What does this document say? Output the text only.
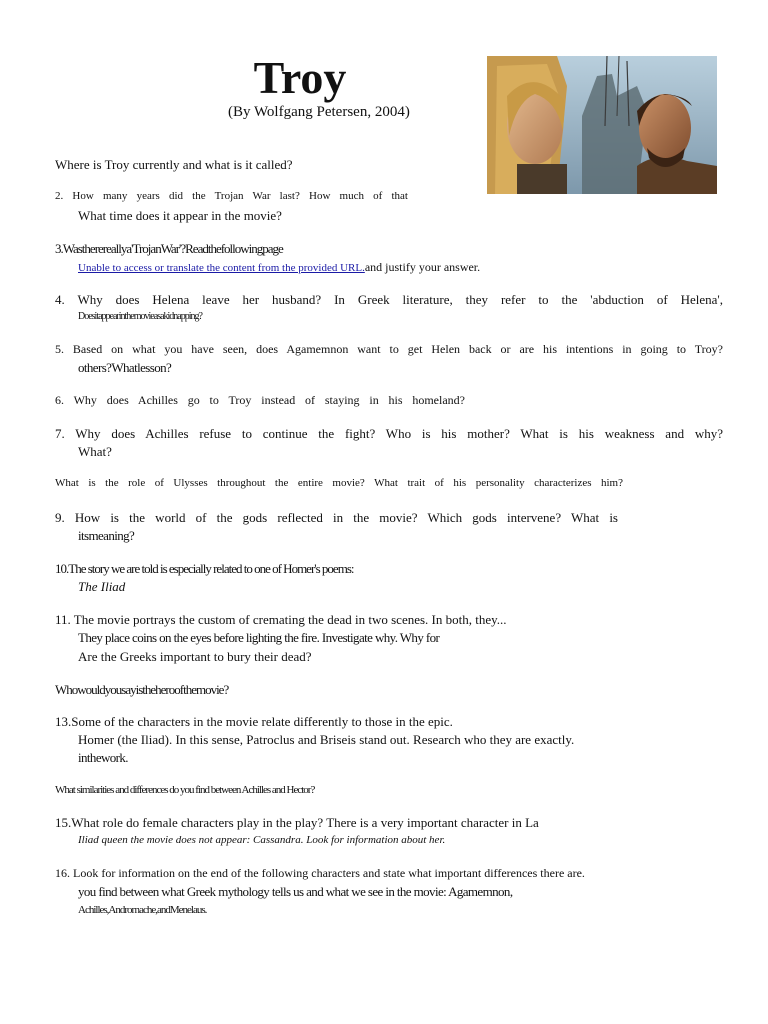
Troy
(By Wolfgang Petersen, 2004)
Where is Troy currently and what is it called?
2. How many years did the Trojan War last? How much of that
What time does it appear in the movie?
3.Wastherereallya'TrojanWar'?Readthefollowingpage
Unable to access or translate the content from the provided URL.and justify your answer.
4. Why does Helena leave her husband? In Greek literature, they refer to the 'abduction of Helena',
Doesitappearinthemovieasakidnapping?
5. Based on what you have seen, does Agamemnon want to get Helen back or are his intentions in going to Troy?
others?Whatlesson?
6. Why does Achilles go to Troy instead of staying in his homeland?
7. Why does Achilles refuse to continue the fight? Who is his mother? What is his weakness and why?
What?
What is the role of Ulysses throughout the entire movie? What trait of his personality characterizes him?
9. How is the world of the gods reflected in the movie? Which gods intervene? What is
itsmeaning?
10.The story we are told is especially related to one of Homer's poems:
The Iliad
11. The movie portrays the custom of cremating the dead in two scenes. In both, they...
They place coins on the eyes before lighting the fire. Investigate why. Why for
Are the Greeks important to bury their dead?
Whowouldyousayistheheroofthemovie?
13.Some of the characters in the movie relate differently to those in the epic.
Homer (the Iliad). In this sense, Patroclus and Briseis stand out. Research who they are exactly.
inthework.
What similarities and differences do you find between Achilles and Hector?
15.What role do female characters play in the play? There is a very important character in La
Iliad queen the movie does not appear: Cassandra. Look for information about her.
16. Look for information on the end of the following characters and state what important differences there are.
you find between what Greek mythology tells us and what we see in the movie: Agamemnon,
Achilles,Andromache,andMenelaus.
